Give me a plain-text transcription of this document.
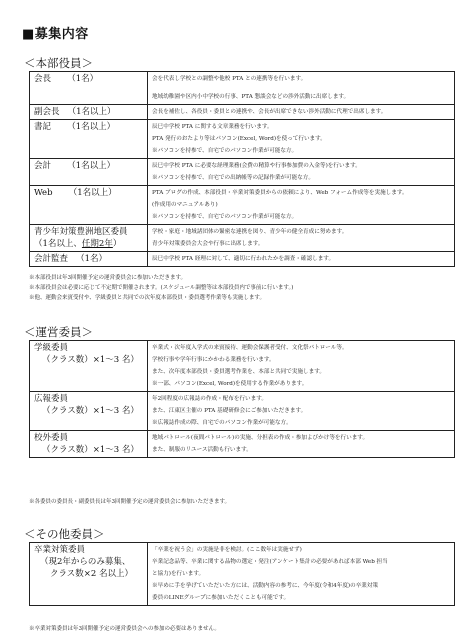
■募集内容
＜本部役員＞
会長 （1名）	会を代表し学校との調整や他校 PTA との連携等を行います。
地域幼稚園や区内小中学校の行事、PTA 懇談会などの渉外活動に出席します。

副会長 （1名以上）	会長を補佐し、各役員・委員との連携や、会長が出席できない渉外活動に代理で出席します。

書記 （1名以上）	辰巳中学校 PTA に関する文章業務を行います。
PTA 発行のおたより等はパソコン(Excel, Word)を使って行います。
※パソコンを持参で、自宅でのパソコン作業が可能な方。

会計 （1名以上）	辰巳中学校 PTA に必要な経理業務(会費の精算や行事参加費の入金等)を行います。
※パソコンを持参で、自宅での出納帳等の記録作業が可能な方。

Web （1名以上）	PTA ブログの作成、本部役員・卒業対策委員からの依頼により、Web フォーム作成等を実施します。
(作成用のマニュアルあり)
※パソコンを持参で、自宅でのパソコン作業が可能な方。

青少年対策豊洲地区委員
（1名以上、任期2年）	学校・家庭・地域諸団体の緊密な連携を図り、青少年の健全育成に努めます。
青少年対策委員会大会や行事に出席します。

会計監査 （1名）	辰巳中学校 PTA 経理に対して、適切に行われたかを調査・確認します。
※本部役員は年3回開催予定の運営委員会に参加いただきます。
※本部役員会は必要に応じて不定期で開催されます。(スケジュール調整等は本部役員内で事前に行います。)
※他、運動会来賓受付や、学級委員と共同での次年度本部役員・委員選考作業等も実施します。
＜運営委員＞
学級委員
（クラス数）×1～3 名）	卒業式・次年度入学式の来賓接待、運動会保護者受付、文化祭パトロール等。
学校行事や学年行事にかかわる業務を行います。
また、次年度本部役員・委員選考作業を、本部と共同で実施します。
※一部、パソコン(Excel, Word)を使用する作業があります。

広報委員
（クラス数）×1～3 名）	年2回程度の広報誌の作成・配布を行います。
また、江東区主催の PTA 基礎研修会にご参加いただきます。
※広報誌作成の際、自宅でのパソコン作業が可能な方。

校外委員
（クラス数）×1～3 名）	地域パトロール(夜間パトロール)の実施、分担表の作成・参加よびかけ等を行います。
また、制服のリユース活動も行います。
※各委員の委員長・副委員長は年3回開催予定の運営委員会に参加いただきます。
＜その他委員＞
卒業対策委員
（現2年からのみ募集、
クラス数×2 名以上）

「卒業を祝う会」の実施是非を検討。(ここ数年は実施せず)
卒業記念品等、卒業に関する品物の選定・発注(アンケート集計の必要があれば本部 Web 担当
と協力)を行います。
※早めに手を挙げていただいた方には、活動内容の参考に、今年度(令和4年度)の卒業対策
委員のLINEグループに参加いただくことも可能です。
※卒業対策委員は年3回開催予定の運営委員会への参加の必要はありません。
